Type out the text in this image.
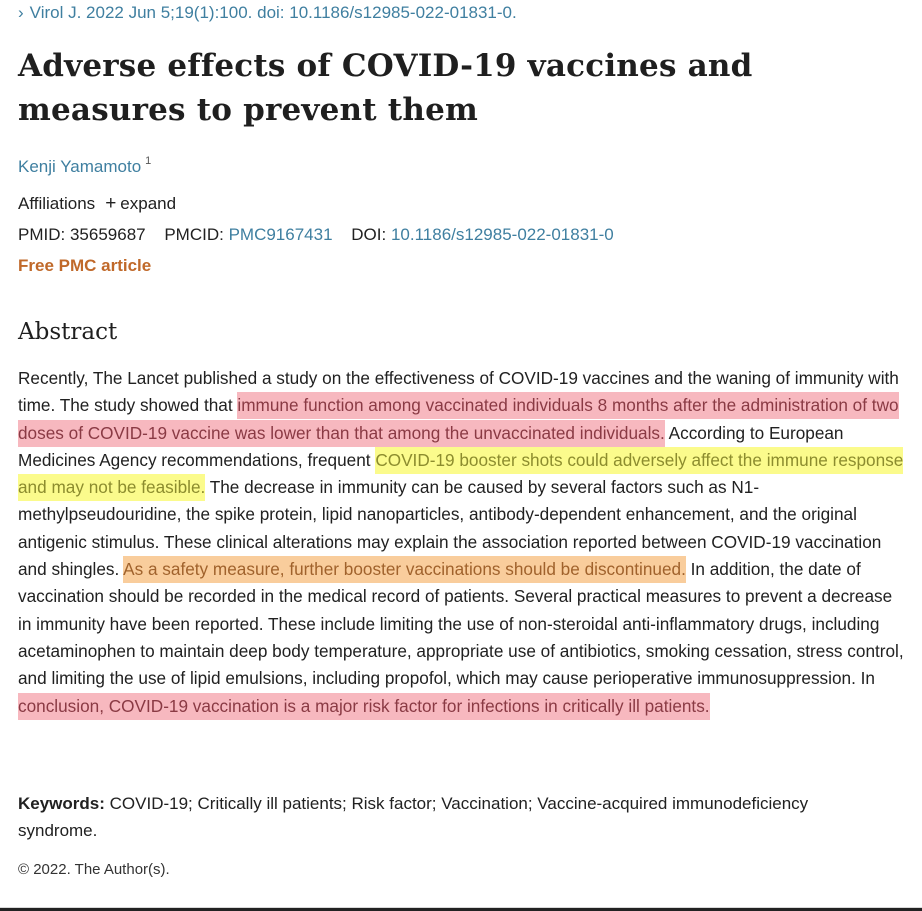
› Virol J. 2022 Jun 5;19(1):100. doi: 10.1186/s12985-022-01831-0.
Adverse effects of COVID-19 vaccines and measures to prevent them
Kenji Yamamoto $^1$
Affiliations + expand
PMID: 35659687 PMCID: PMC9167431 DOI: 10.1186/s12985-022-01831-0
Free PMC article
Abstract

Recently, The Lancet published a study on the effectiveness of COVID-19 vaccines and the waning of immunity with time. The study showed that immune function among vaccinated individuals 8 months after the administration of two doses of COVID-19 vaccine was lower than that among the unvaccinated individuals. According to European Medicines Agency recommendations, frequent COVID-19 booster shots could adversely affect the immune response and may not be feasible. The decrease in immunity can be caused by several factors such as N1-methylpseudouridine, the spike protein, lipid nanoparticles, antibody-dependent enhancement, and the original antigenic stimulus. These clinical alterations may explain the association reported between COVID-19 vaccination and shingles. As a safety measure, further booster vaccinations should be discontinued. In addition, the date of vaccination should be recorded in the medical record of patients. Several practical measures to prevent a decrease in immunity have been reported. These include limiting the use of non-steroidal anti-inflammatory drugs, including acetaminophen to maintain deep body temperature, appropriate use of antibiotics, smoking cessation, stress control, and limiting the use of lipid emulsions, including propofol, which may cause perioperative immunosuppression. In conclusion, COVID-19 vaccination is a major risk factor for infections in critically ill patients.

Keywords: COVID-19; Critically ill patients; Risk factor; Vaccination; Vaccine-acquired immunodeficiency syndrome.

© 2022. The Author(s).
